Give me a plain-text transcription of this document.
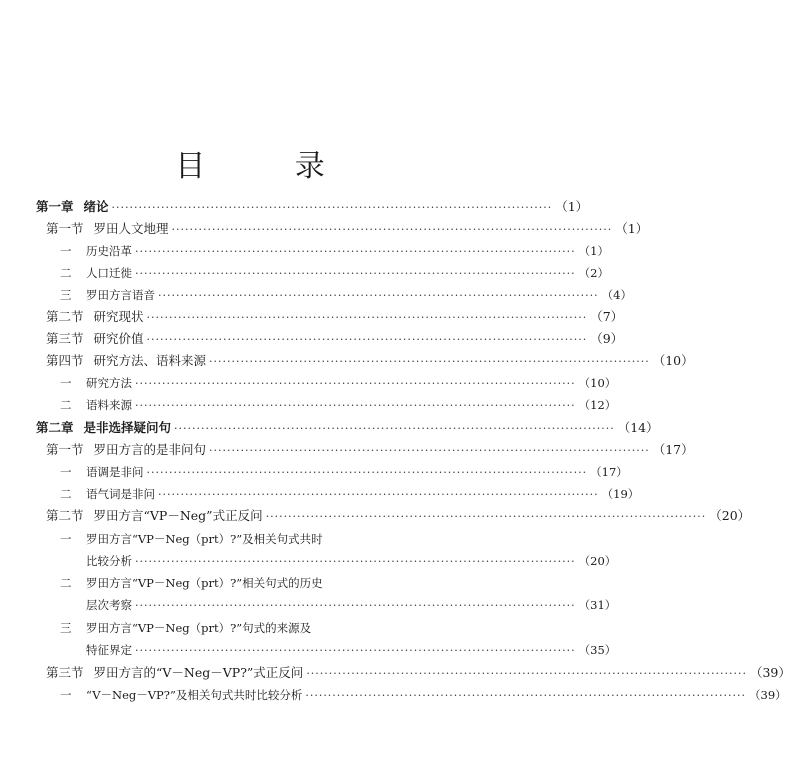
目 录
第一章 绪论 ·································································································· （1）
第一节 罗田人文地理 ·································································································· （1）
一	历史沿革 ·································································································· （1）
二	人口迁徙 ·································································································· （2）
三	罗田方言语音 ·································································································· （4）
第二节 研究现状 ·································································································· （7）
第三节 研究价值 ·································································································· （9）
第四节 研究方法、语料来源 ·································································································· （10）
一	研究方法 ·································································································· （10）
二	语料来源 ·································································································· （12）
第二章 是非选择疑问句 ·································································································· （14）
第一节 罗田方言的是非问句 ·································································································· （17）
一	语调是非问 ·································································································· （17）
二	语气词是非问 ·································································································· （19）
第二节 罗田方言“VP－Neg”式正反问 ·································································································· （20）
一	罗田方言“VP－Neg（prt）?”及相关句式共时
比较分析 ·································································································· （20）
二	罗田方言“VP－Neg（prt）?”相关句式的历史
层次考察 ·································································································· （31）
三	罗田方言“VP－Neg（prt）?”句式的来源及
特征界定 ·································································································· （35）
第三节 罗田方言的“V－Neg－VP?”式正反问 ·································································································· （39）
一	“V－Neg－VP?”及相关句式共时比较分析 ·································································································· （39）
